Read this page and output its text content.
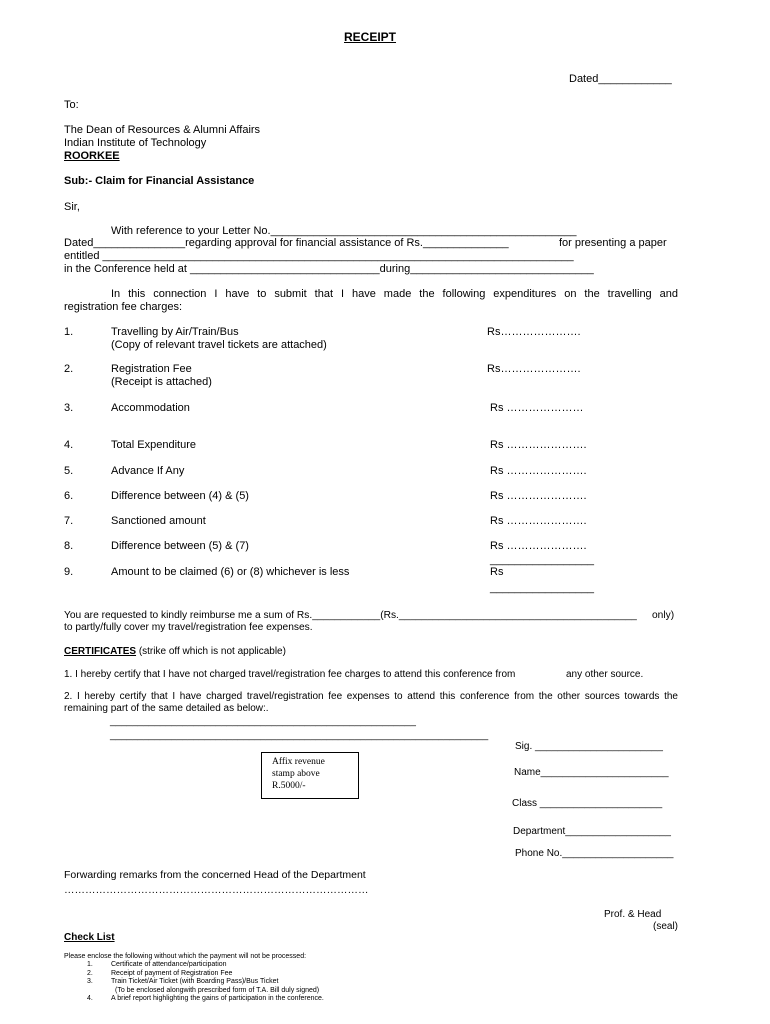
RECEIPT
Dated____________
To:
The Dean of Resources & Alumni Affairs
Indian Institute of Technology
ROORKEE
Sub:- Claim for Financial Assistance
Sir,
With reference to your Letter No.__________________________________________________
Dated_______________regarding approval for financial assistance of Rs.______________	for presenting a paper
entitled _____________________________________________________________________________
in the Conference held at _______________________________during______________________________
In this connection I have to submit that I have made the following expenditures on the travelling and
registration fee charges:
1.	Travelling by Air/Train/Bus
(Copy of relevant travel tickets are attached)
Rs………………….
2.	Registration Fee
(Receipt is attached)
Rs………………….
3.	Accommodation	Rs …………………
4.	Total Expenditure	Rs ………………….
5.	Advance If Any	Rs ………………….
6.	Difference between (4) & (5)	Rs ………………….
7.	Sanctioned amount	Rs ………………….
8.	Difference between (5) & (7)	Rs ………………….
_________________
9.	Amount to be claimed (6) or (8) whichever is less	Rs
_________________
You are requested to kindly reimburse me a sum of Rs.____________(Rs.__________________________________________ only)
to partly/fully cover my travel/registration fee expenses.
CERTIFICATES (strike off which is not applicable)
1. I hereby certify that I have not charged travel/registration fee charges to attend this conference from	any other source.
2. I hereby certify that I have charged travel/registration fee expenses to attend this conference from the other sources towards the
remaining part of the same detailed as below:.
_______________________________________________________
____________________________________________________________________
Affix revenue
stamp above
R.5000/-
Sig. _______________________
Name_______________________
Class ______________________
Department___________________
Phone No.____________________
Forwarding remarks from the concerned Head of the Department
……………………………………………………………………………
Prof. & Head
(seal)
Check List
Please enclose the following without which the payment will not be processed:
1.	Certificate of attendance/participation
2.	Receipt of payment of Registration Fee
3.	Train Ticket/Air Ticket (with Boarding Pass)/Bus Ticket
(To be enclosed alongwith prescribed form of T.A. Bill duly signed)
4.	A brief report highlighting the gains of participation in the conference.
